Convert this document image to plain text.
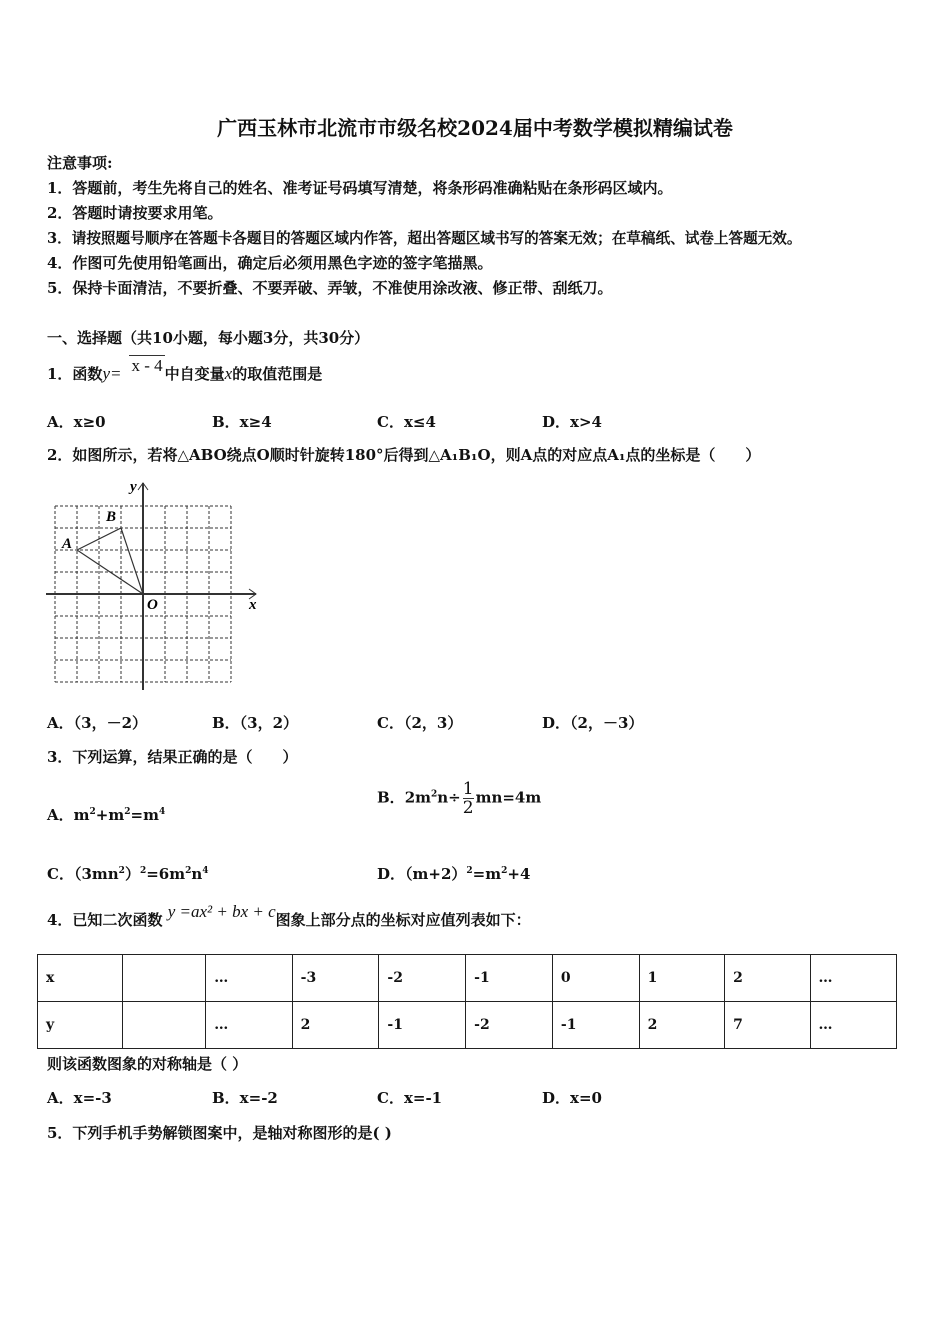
广西玉林市北流市市级名校2024届中考数学模拟精编试卷
注意事项:
1．答题前，考生先将自己的姓名、准考证号码填写清楚，将条形码准确粘贴在条形码区域内。
2．答题时请按要求用笔。
3．请按照题号顺序在答题卡各题目的答题区域内作答，超出答题区域书写的答案无效；在草稿纸、试卷上答题无效。
4．作图可先使用铅笔画出，确定后必须用黑色字迹的签字笔描黑。
5．保持卡面清洁，不要折叠、不要弄破、弄皱，不准使用涂改液、修正带、刮纸刀。
一、选择题（共10小题，每小题3分，共30分）
1．函数y= x - 4 中自变量x的取值范围是
A．x≥0	B．x≥4	C．x≤4	D．x>4
2．如图所示，若将△ABO绕点O顺时针旋转180°后得到△A₁B₁O，则A点的对应点A₁点的坐标是（　　）
y
x
O
A
B
A．（3，－2）	B．（3，2）	C．（2，3）	D．（2，－3）
3．下列运算，结果正确的是（　　）
A．$m^2+m^2=m^4$
B．$2m^2n\div \frac{1}{2} mn=4m$
C．$(3mn^2)^2=6m^2n^4$	D．$(m+2)^2=m^2+4$
4．已知二次函数 y =ax² + bx + c图象上部分点的坐标对应值列表如下：
x		…	-3	-2	-1	0	1	2	…
y		…	2	-1	-2	-1	2	7	…
则该函数图象的对称轴是（ ）
A．x=-3	B．x=-2	C．x=-1	D．x=0
5．下列手机手势解锁图案中，是轴对称图形的是( )
